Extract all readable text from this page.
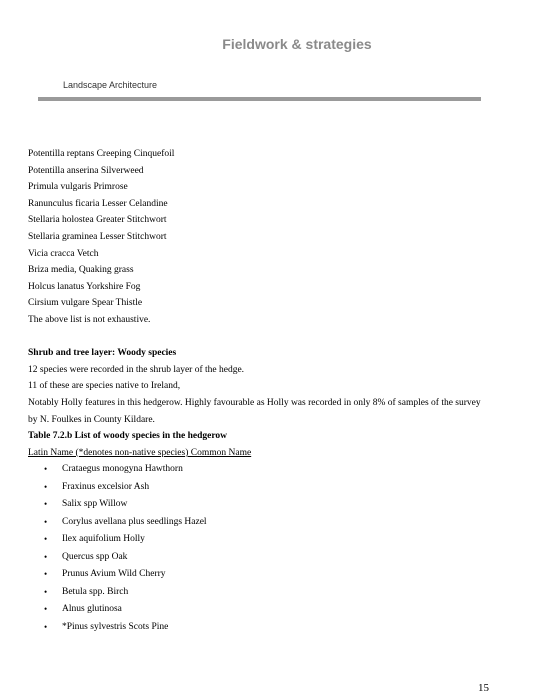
Fieldwork & strategies
Landscape Architecture
Potentilla reptans Creeping Cinquefoil
Potentilla anserina Silverweed
Primula vulgaris Primrose
Ranunculus ficaria Lesser Celandine
Stellaria holostea Greater Stitchwort
Stellaria graminea Lesser Stitchwort
Vicia cracca Vetch
Briza media, Quaking grass
Holcus lanatus Yorkshire Fog
Cirsium vulgare Spear Thistle
The above list is not exhaustive.
Shrub and tree layer: Woody species
12 species were recorded in the shrub layer of the hedge.
11 of these are species native to Ireland,
Notably Holly features in this hedgerow. Highly favourable as Holly was recorded in only 8% of samples of the survey
by N. Foulkes in County Kildare.
Table 7.2.b List of woody species in the hedgerow
Latin Name (*denotes non-native species) Common Name
• Crataegus monogyna Hawthorn
• Fraxinus excelsior Ash
• Salix spp Willow
• Corylus avellana plus seedlings Hazel
• Ilex aquifolium Holly
• Quercus spp Oak
• Prunus Avium Wild Cherry
• Betula spp. Birch
• Alnus glutinosa
• *Pinus sylvestris Scots Pine
15
